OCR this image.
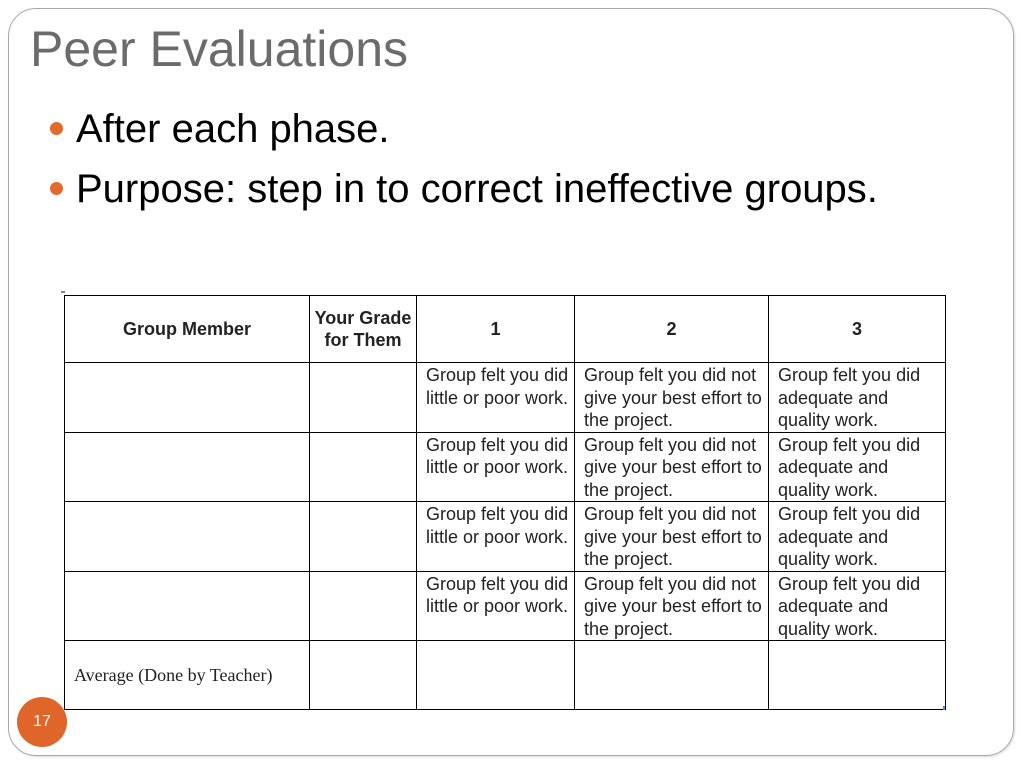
Peer Evaluations
After each phase.
Purpose: step in to correct ineffective groups.
Group Member	Your Grade for Them	1	2	3

		Group felt you did little or poor work.	Group felt you did not give your best effort to the project.	Group felt you did adequate and quality work.

		Group felt you did little or poor work.	Group felt you did not give your best effort to the project.	Group felt you did adequate and quality work.

		Group felt you did little or poor work.	Group felt you did not give your best effort to the project.	Group felt you did adequate and quality work.

		Group felt you did little or poor work.	Group felt you did not give your best effort to the project.	Group felt you did adequate and quality work.

Average (Done by Teacher)				
17
